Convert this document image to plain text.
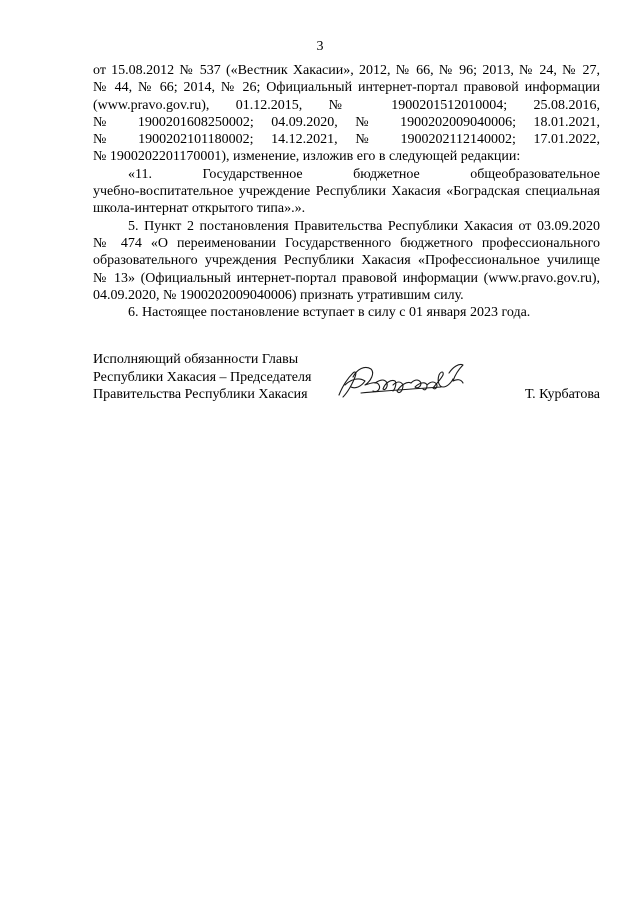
3
от 15.08.2012 № 537 («Вестник Хакасии», 2012, № 66, № 96; 2013, № 24, № 27,
№ 44, № 66; 2014, № 26; Официальный интернет-портал правовой информации
(www.pravo.gov.ru), 01.12.2015, № 1900201512010004; 25.08.2016,
№ 1900201608250002; 04.09.2020, № 1900202009040006; 18.01.2021,
№ 1900202101180002; 14.12.2021, № 1900202112140002; 17.01.2022,
№ 1900202201170001), изменение, изложив его в следующей редакции:
«11. Государственное бюджетное общеобразовательное
учебно-воспитательное учреждение Республики Хакасия «Боградская специальная
школа-интернат открытого типа».».
5. Пункт 2 постановления Правительства Республики Хакасия от 03.09.2020
№ 474 «О переименовании Государственного бюджетного профессионального
образовательного учреждения Республики Хакасия «Профессиональное училище
№ 13» (Официальный интернет-портал правовой информации (www.pravo.gov.ru),
04.09.2020, № 1900202009040006) признать утратившим силу.
6. Настоящее постановление вступает в силу с 01 января 2023 года.
Исполняющий обязанности Главы
Республики Хакасия – Председателя
Правительства Республики Хакасия	Т. Курбатова
